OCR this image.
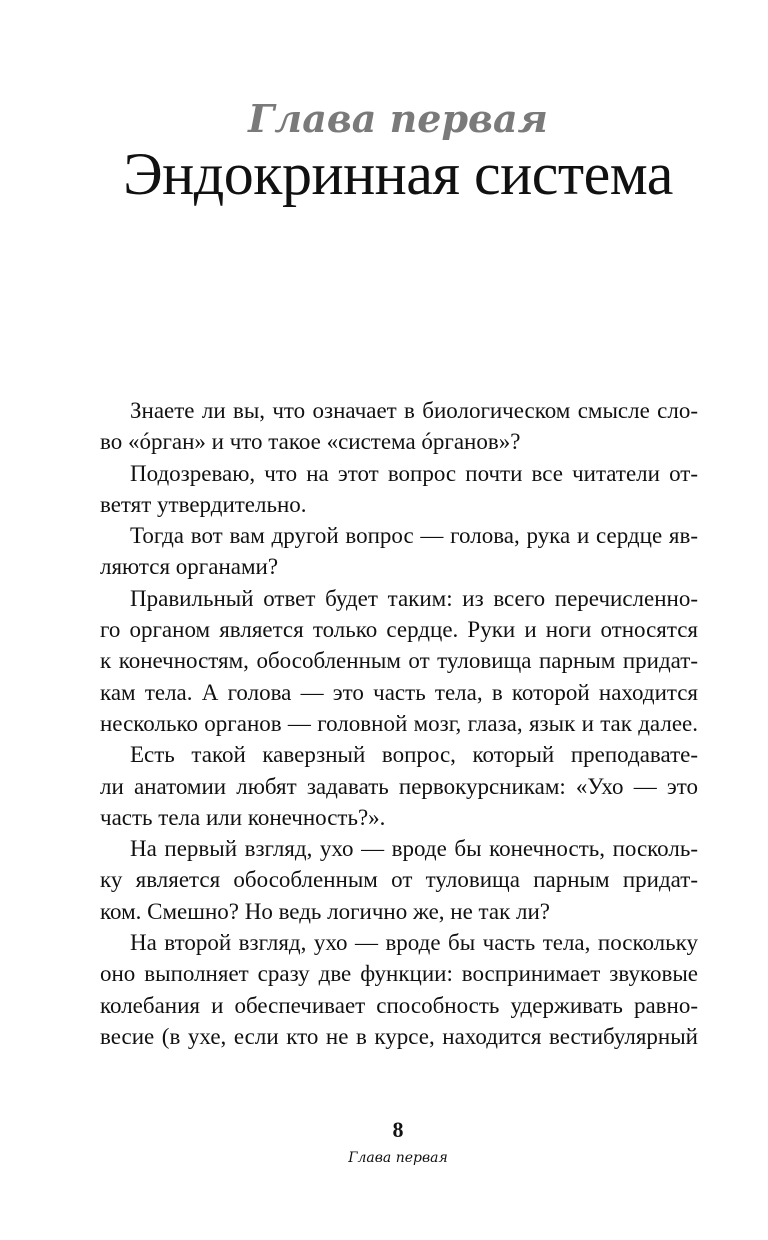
Глава первая
Эндокринная система
Знаете ли вы, что означает в биологическом смысле сло-
во «óрган» и что такое «система óрганов»?
Подозреваю, что на этот вопрос почти все читатели от-
ветят утвердительно.
Тогда вот вам другой вопрос — голова, рука и сердце яв-
ляются органами?
Правильный ответ будет таким: из всего перечисленно-
го органом является только сердце. Руки и ноги относятся
к конечностям, обособленным от туловища парным придат-
кам тела. А голова — это часть тела, в которой находится
несколько органов — головной мозг, глаза, язык и так далее.
Есть такой каверзный вопрос, который преподавате-
ли анатомии любят задавать первокурсникам: «Ухо — это
часть тела или конечность?».
На первый взгляд, ухо — вроде бы конечность, посколь-
ку является обособленным от туловища парным придат-
ком. Смешно? Но ведь логично же, не так ли?
На второй взгляд, ухо — вроде бы часть тела, поскольку
оно выполняет сразу две функции: воспринимает звуковые
колебания и обеспечивает способность удерживать равно-
весие (в ухе, если кто не в курсе, находится вестибулярный
8
Глава первая
